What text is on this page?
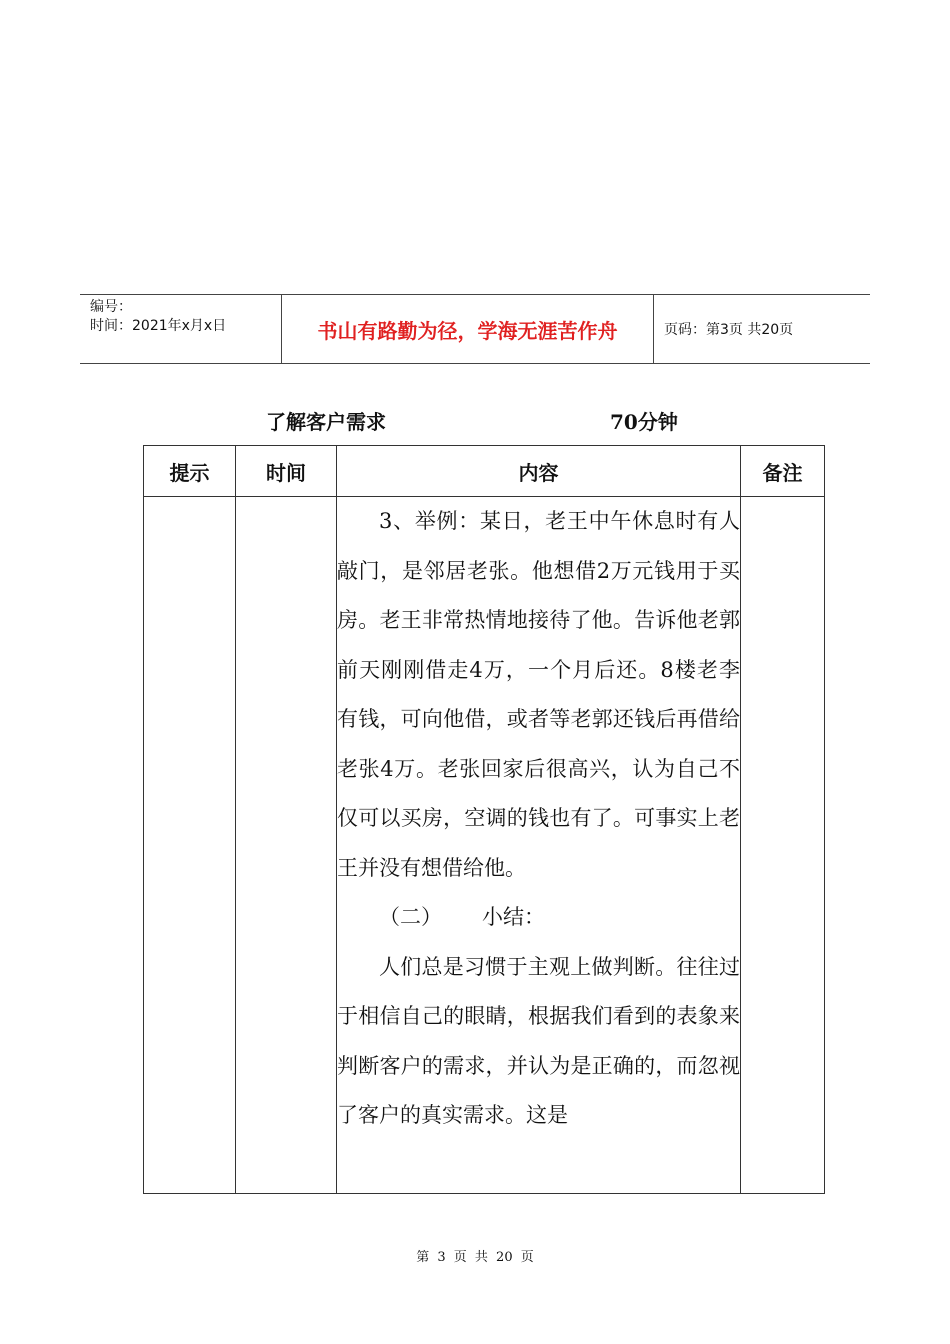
编号：
时间：2021年x月x日	书山有路勤为径，学海无涯苦作舟	页码：第3页 共20页
了解客户需求	70分钟
提示	时间	内容	备注

		3、举例：某日，老王中午休息时有人敲门，是邻居老张。他想借2万元钱用于买房。老王非常热情地接待了他。告诉他老郭前天刚刚借走4万，一个月后还。8楼老李有钱，可向他借，或者等老郭还钱后再借给老张4万。老张回家后很高兴，认为自己不仅可以买房，空调的钱也有了。可事实上老王并没有想借给他。

（二） 小结：

人们总是习惯于主观上做判断。往往过于相信自己的眼睛，根据我们看到的表象来判断客户的需求，并认为是正确的，而忽视了客户的真实需求。这是	

第 3 页 共 20 页
